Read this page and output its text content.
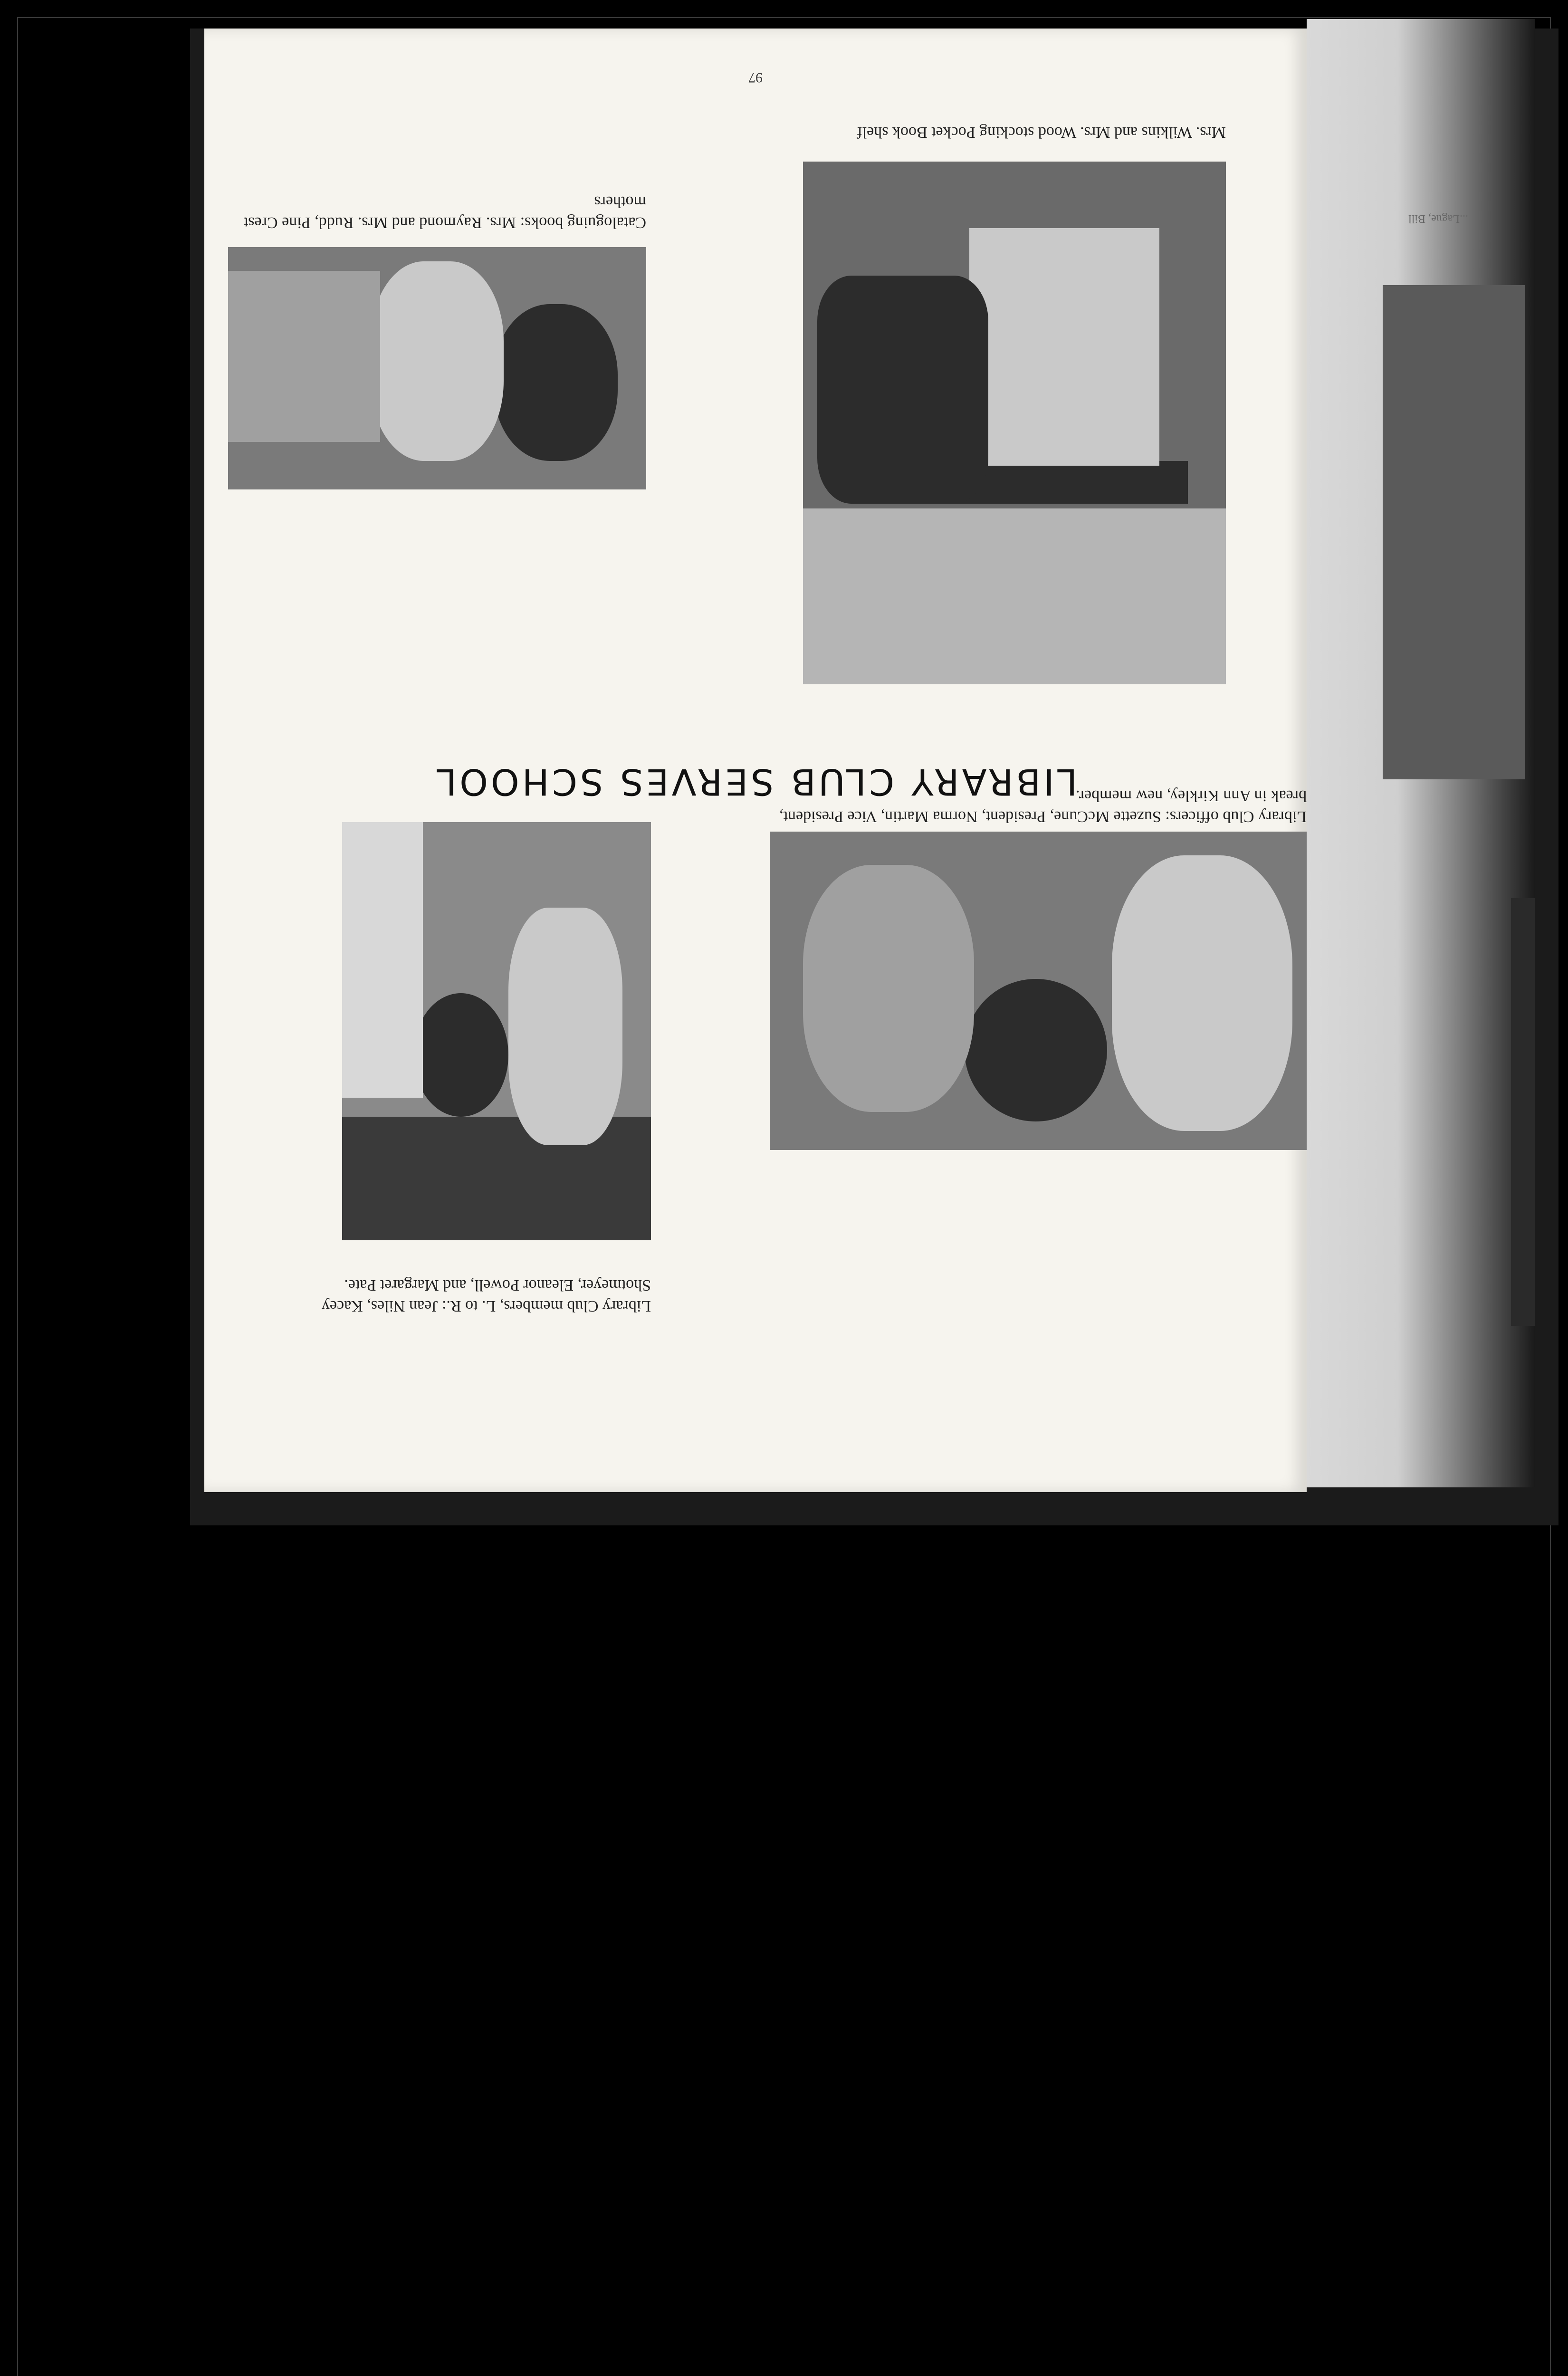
...Lague, Bill
Library Club officers: Suzette McCune, President, Norma Martin, Vice President, break in Ann Kirkley, new member.
Library Club members, L. to R.: Jean Niles, Kacey Shotmeyer, Eleanor Powell, and Margaret Pate.
LIBRARY CLUB SERVES SCHOOL
Mrs. Wilkins and Mrs. Wood stocking Pocket Book shelf
Cataloguing books: Mrs. Raymond and Mrs. Rudd, Pine Crest mothers
97
